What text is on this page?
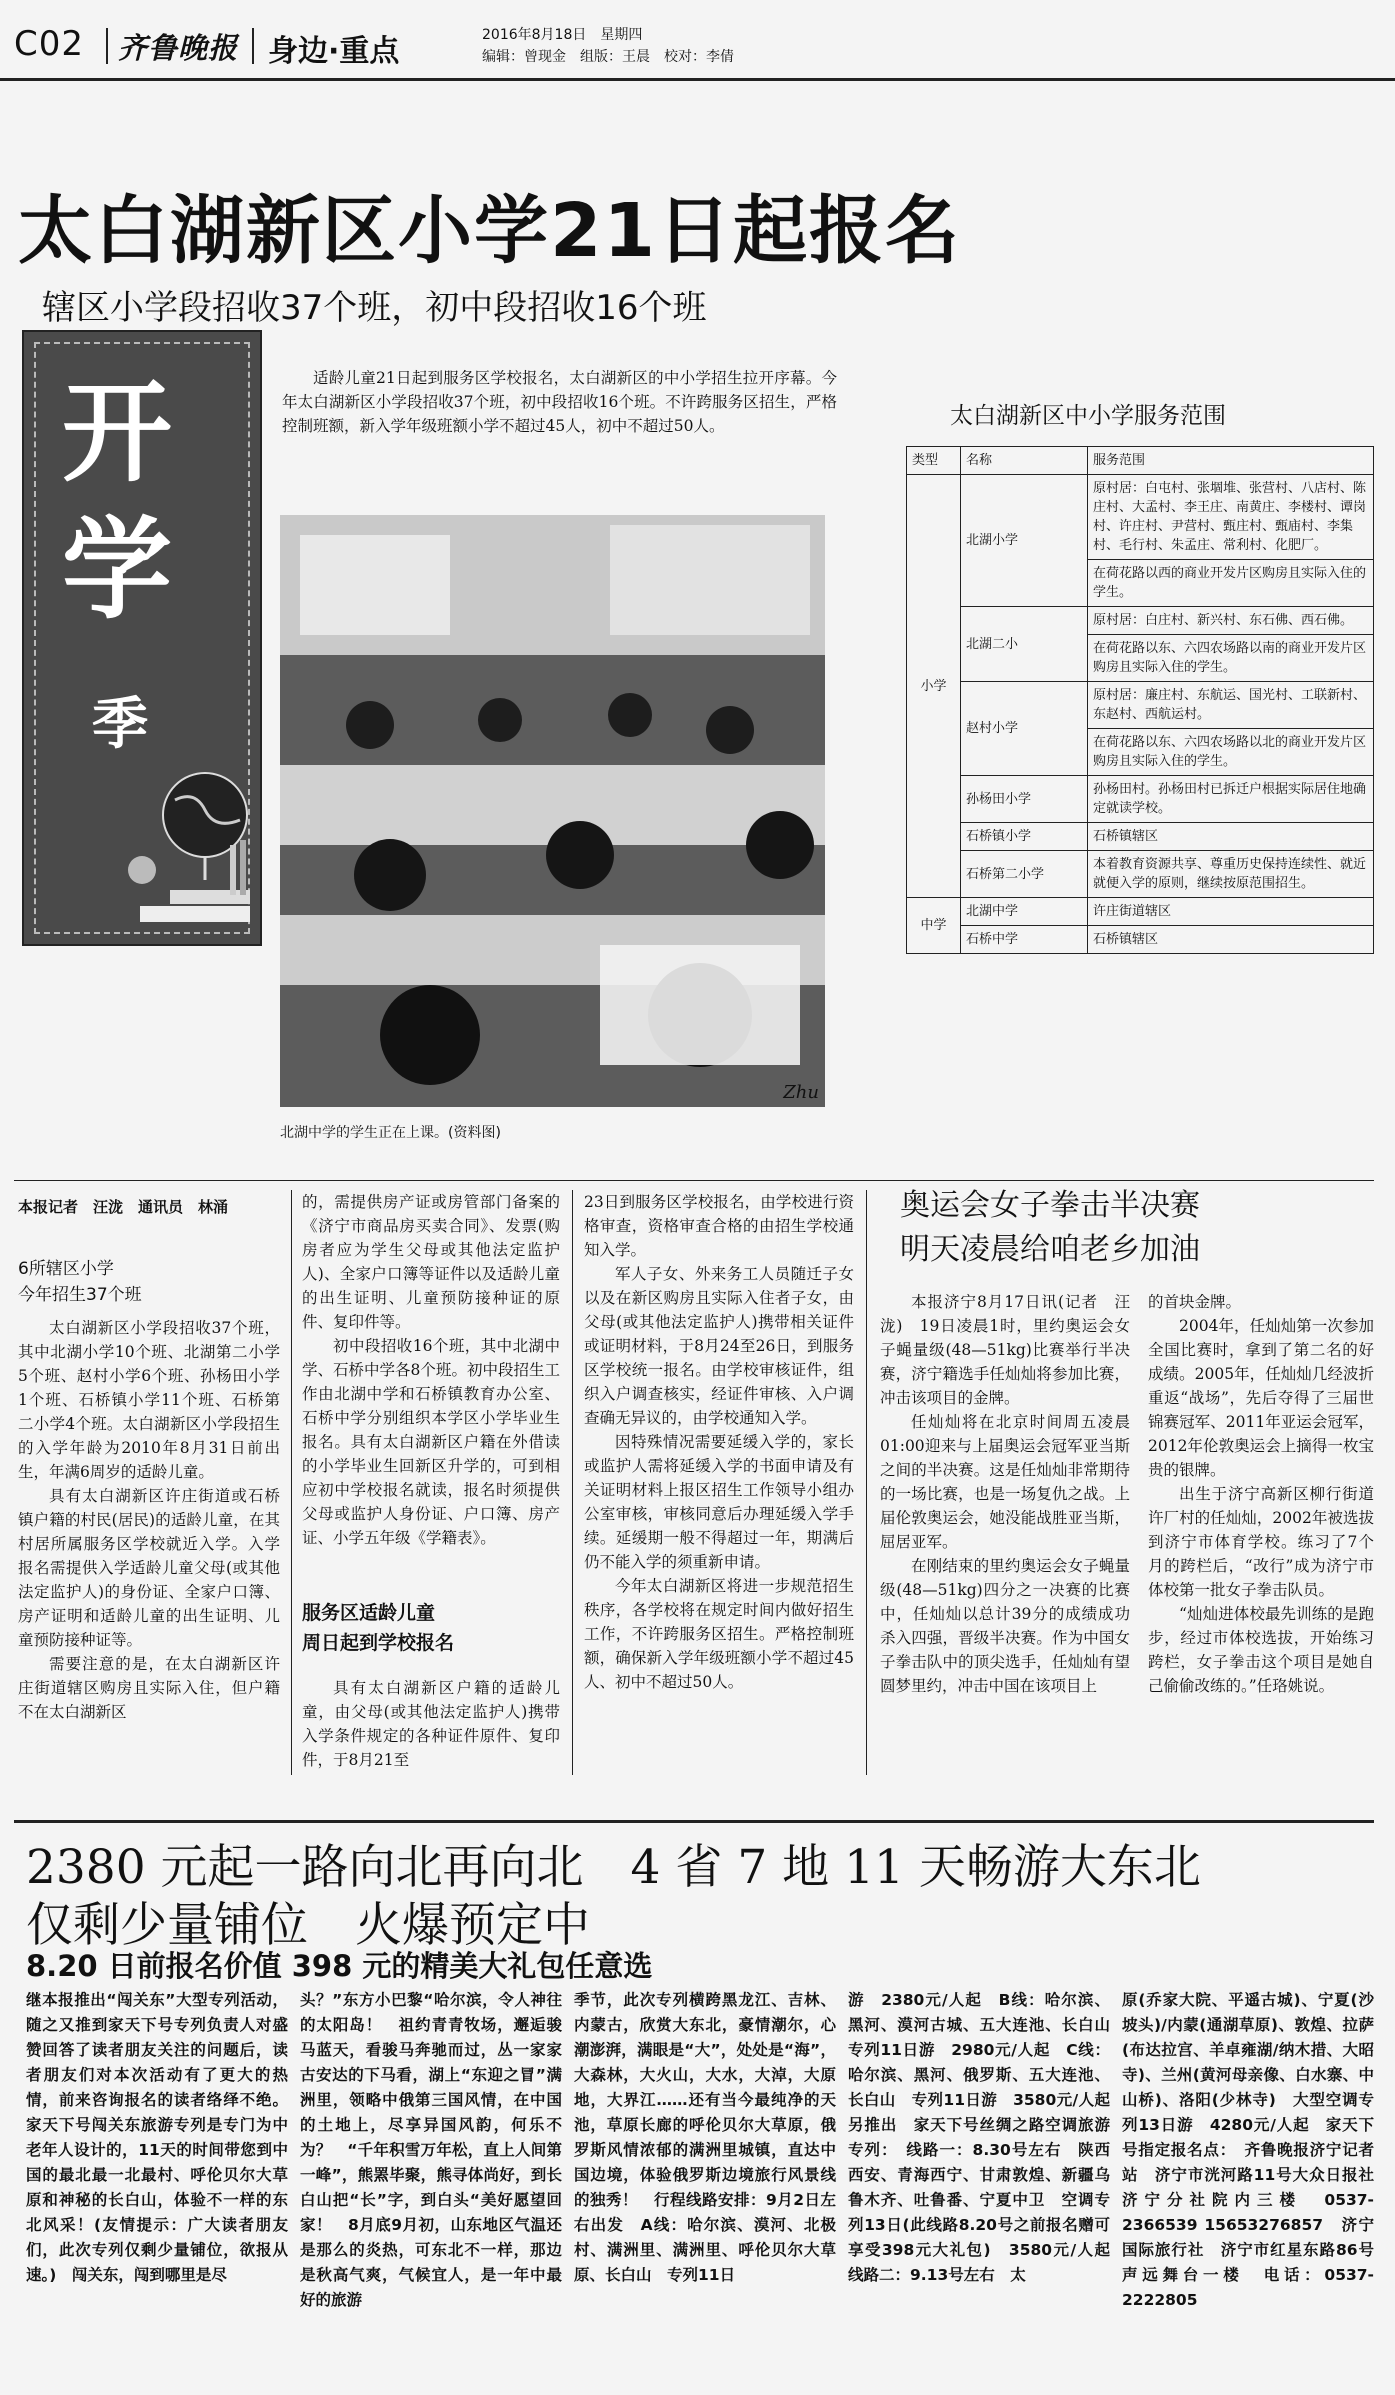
C02 齐鲁晚报 身边·重点	2016年8月18日　星期四
编辑：曾现金　组版：王晨　校对：李倩
太白湖新区小学21日起报名
辖区小学段招收37个班，初中段招收16个班
开
学
季

适龄儿童21日起到服务区学校报名，太白湖新区的中小学招生拉开序幕。今年太白湖新区小学段招收37个班，初中段招收16个班。不许跨服务区招生，严格控制班额，新入学年级班额小学不超过45人，初中不超过50人。

Zhu
北湖中学的学生正在上课。(资料图)
太白湖新区中小学服务范围
类型	名称	服务范围
小学	北湖小学	原村居：白屯村、张堌堆、张营村、八店村、陈庄村、大孟村、李王庄、南黄庄、李楼村、谭岗村、许庄村、尹营村、甄庄村、甄庙村、李集村、毛行村、朱孟庄、常利村、化肥厂。
		在荷花路以西的商业开发片区购房且实际入住的学生。
	北湖二小	原村居：白庄村、新兴村、东石佛、西石佛。
		在荷花路以东、六四农场路以南的商业开发片区购房且实际入住的学生。
	赵村小学	原村居：廉庄村、东航运、国光村、工联新村、东赵村、西航运村。
		在荷花路以东、六四农场路以北的商业开发片区购房且实际入住的学生。
	孙杨田小学	孙杨田村。孙杨田村已拆迁户根据实际居住地确定就读学校。
	石桥镇小学	石桥镇辖区
	石桥第二小学	本着教育资源共享、尊重历史保持连续性、就近就便入学的原则，继续按原范围招生。
中学	北湖中学	许庄街道辖区
	石桥中学	石桥镇辖区
本报记者　汪泷　通讯员　林涌
6所辖区小学
今年招生37个班

太白湖新区小学段招收37个班，其中北湖小学10个班、北湖第二小学5个班、赵村小学6个班、孙杨田小学1个班、石桥镇小学11个班、石桥第二小学4个班。太白湖新区小学段招生的入学年龄为2010年8月31日前出生，年满6周岁的适龄儿童。

具有太白湖新区许庄街道或石桥镇户籍的村民(居民)的适龄儿童，在其村居所属服务区学校就近入学。入学报名需提供入学适龄儿童父母(或其他法定监护人)的身份证、全家户口簿、房产证明和适龄儿童的出生证明、儿童预防接种证等。

需要注意的是，在太白湖新区许庄街道辖区购房且实际入住，但户籍不在太白湖新区

的，需提供房产证或房管部门备案的《济宁市商品房买卖合同》、发票(购房者应为学生父母或其他法定监护人)、全家户口簿等证件以及适龄儿童的出生证明、儿童预防接种证的原件、复印件等。

初中段招收16个班，其中北湖中学、石桥中学各8个班。初中段招生工作由北湖中学和石桥镇教育办公室、石桥中学分别组织本学区小学毕业生报名。具有太白湖新区户籍在外借读的小学毕业生回新区升学的，可到相应初中学校报名就读，报名时须提供父母或监护人身份证、户口簿、房产证、小学五年级《学籍表》。

服务区适龄儿童
周日起到学校报名

具有太白湖新区户籍的适龄儿童，由父母(或其他法定监护人)携带入学条件规定的各种证件原件、复印件，于8月21至

23日到服务区学校报名，由学校进行资格审查，资格审查合格的由招生学校通知入学。

军人子女、外来务工人员随迁子女以及在新区购房且实际入住者子女，由父母(或其他法定监护人)携带相关证件或证明材料，于8月24至26日，到服务区学校统一报名。由学校审核证件，组织入户调查核实，经证件审核、入户调查确无异议的，由学校通知入学。

因特殊情况需要延缓入学的，家长或监护人需将延缓入学的书面申请及有关证明材料上报区招生工作领导小组办公室审核，审核同意后办理延缓入学手续。延缓期一般不得超过一年，期满后仍不能入学的须重新申请。

今年太白湖新区将进一步规范招生秩序，各学校将在规定时间内做好招生工作，不许跨服务区招生。严格控制班额，确保新入学年级班额小学不超过45人、初中不超过50人。

奥运会女子拳击半决赛
明天凌晨给咱老乡加油

本报济宁8月17日讯(记者　汪泷)　19日凌晨1时，里约奥运会女子蝇量级(48—51kg)比赛举行半决赛，济宁籍选手任灿灿将参加比赛，冲击该项目的金牌。

任灿灿将在北京时间周五凌晨01:00迎来与上届奥运会冠军亚当斯之间的半决赛。这是任灿灿非常期待的一场比赛，也是一场复仇之战。上届伦敦奥运会，她没能战胜亚当斯，屈居亚军。

在刚结束的里约奥运会女子蝇量级(48—51kg)四分之一决赛的比赛中，任灿灿以总计39分的成绩成功杀入四强，晋级半决赛。作为中国女子拳击队中的顶尖选手，任灿灿有望圆梦里约，冲击中国在该项目上

的首块金牌。

2004年，任灿灿第一次参加全国比赛时，拿到了第二名的好成绩。2005年，任灿灿几经波折重返“战场”，先后夺得了三届世锦赛冠军、2011年亚运会冠军，2012年伦敦奥运会上摘得一枚宝贵的银牌。

出生于济宁高新区柳行街道许厂村的任灿灿，2002年被选拔到济宁市体育学校。练习了7个月的跨栏后，“改行”成为济宁市体校第一批女子拳击队员。

“灿灿进体校最先训练的是跑步，经过市体校选拔，开始练习跨栏，女子拳击这个项目是她自己偷偷改练的。”任珞姚说。

2380 元起一路向北再向北　4 省 7 地 11 天畅游大东北
仅剩少量铺位　火爆预定中
8.20 日前报名价值 398 元的精美大礼包任意选

继本报推出“闯关东”大型专列活动，随之又推到家天下号专列负责人对盛赞回答了读者朋友关注的问题后，读者朋友们对本次活动有了更大的热情，前来咨询报名的读者络绎不绝。家天下号闯关东旅游专列是专门为中老年人设计的，11天的时间带您到中国的最北最一北最村、呼伦贝尔大草原和神秘的长白山，体验不一样的东北风采！(友情提示：广大读者朋友们，此次专列仅剩少量铺位，欲报从速。)　闯关东，闯到哪里是尽

头？”东方小巴黎“哈尔滨，令人神往的太阳岛！　祖约青青牧场，邂逅骏马蓝天，看骏马奔驰而过，丛一家家古安达的下马看，湖上“东迎之冒”满洲里，领略中俄第三国风情，在中国的土地上，尽享异国风韵，何乐不为？　“千年积雪万年松，直上人间第一峰”，熊罴毕聚，熊寻体尚好，到长白山把“长”字，到白头“美好愿望回家！　8月底9月初，山东地区气温还是那么的炎热，可东北不一样，那边是秋高气爽，气候宜人，是一年中最好的旅游

季节，此次专列横跨黑龙江、吉林、内蒙古，欣赏大东北，豪情潮尔，心潮澎湃，满眼是“大”，处处是“海”，大森林，大火山，大水，大淖，大原地，大界江……还有当今最纯净的天池，草原长廊的呼伦贝尔大草原，俄罗斯风情浓郁的满洲里城镇，直达中国边境，体验俄罗斯边境旅行风景线的独秀！　行程线路安排：9月2日左右出发　A线：哈尔滨、漠河、北极村、满洲里、满洲里、呼伦贝尔大草原、长白山　专列11日

游　2380元/人起　B线：哈尔滨、黑河、漠河古城、五大连池、长白山　专列11日游　2980元/人起　C线：哈尔滨、黑河、俄罗斯、五大连池、长白山　专列11日游　3580元/人起　另推出　家天下号丝绸之路空调旅游专列：　线路一：8.30号左右　陕西西安、青海西宁、甘肃敦煌、新疆乌鲁木齐、吐鲁番、宁夏中卫　空调专列13日(此线路8.20号之前报名赠可享受398元大礼包)　3580元/人起　线路二：9.13号左右　太

原(乔家大院、平遥古城)、宁夏(沙坡头)/内蒙(通湖草原)、敦煌、拉萨(布达拉宫、羊卓雍湖/纳木措、大昭寺)、兰州(黄河母亲像、白水寨、中山桥)、洛阳(少林寺)　大型空调专列13日游　4280元/人起　家天下号指定报名点：　齐鲁晚报济宁记者站　济宁市洸河路11号大众日报社济宁分社院内三楼　0537-2366539 15653276857　济宁国际旅行社　济宁市红星东路86号声远舞台一楼　电话：0537-2222805
